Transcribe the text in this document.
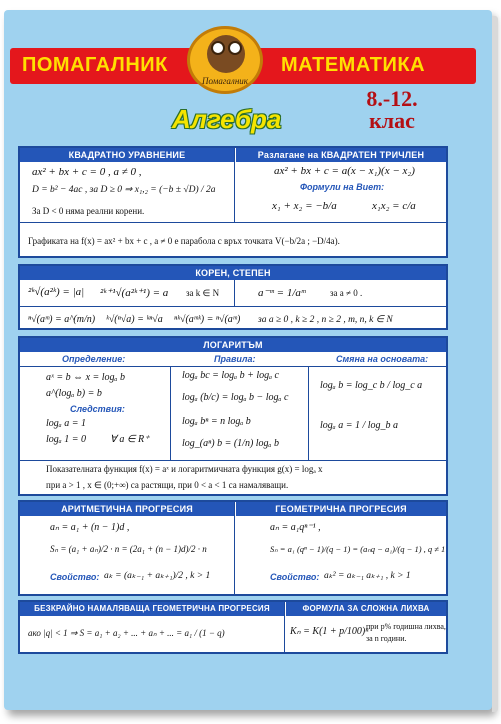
ПОМАГАЛНИК	МАТЕМАТИКА
Помагалник
Алгебра
8.-12.
клас
КВАДРАТНО УРАВНЕНИЕ	Разлагане на КВАДРАТЕН ТРИЧЛЕН
ax² + bx + c = 0 , a ≠ 0 ,
D = b² − 4ac , за D ≥ 0 ⇒ x₁,₂ = (−b ± √D) / 2a
За D < 0 няма реални корени.
ax² + bx + c = a(x − x₁)(x − x₂)
Формули на Виет:
x₁ + x₂ = −b/a	x₁x₂ = c/a
Графиката на f(x) = ax² + bx + c , a ≠ 0 е парабола с връх точката V(−b/2a ; −D/4a).
КОРЕН, СТЕПЕН
²ᵏ√(a²ᵏ) = |a| ²ᵏ⁺¹√(a²ᵏ⁺¹) = a за k ∈ N	a⁻ᵐ = 1/aᵐ	за a ≠ 0 .
ⁿ√(aᵐ) = a^(m/n) ᵏ√(ⁿ√a) = ᵏⁿ√a ⁿᵏ√(aᵐᵏ) = ⁿ√(aᵐ) за a ≥ 0 , k ≥ 2 , n ≥ 2 , m, n, k ∈ N
ЛОГАРИТЪМ
Определение:	Правила:	Смяна на основата:
aˣ = b ⇔ x = logₐ b
a^(logₐ b) = b
Следствия:
logₐ a = 1
logₐ 1 = 0 ∀ a ∈ R⁺
logₐ bc = logₐ b + logₐ c
logₐ (b/c) = logₐ b − logₐ c
logₐ bⁿ = n logₐ b
log_(aⁿ) b = (1/n) logₐ b
logₐ b = log_c b / log_c a
logₐ a = 1 / log_b a
Показателната функция f(x) = aˣ и логаритмичната функция g(x) = logₐ x
при a > 1 , x ∈ (0;+∞) са растящи, при 0 < a < 1 са намаляващи.
АРИТМЕТИЧНА ПРОГРЕСИЯ	ГЕОМЕТРИЧНА ПРОГРЕСИЯ
aₙ = a₁ + (n − 1)d ,
Sₙ = (a₁ + aₙ)/2 · n = (2a₁ + (n − 1)d)/2 · n
Свойство: aₖ = (aₖ₋₁ + aₖ₊₁)/2 , k > 1
aₙ = a₁qⁿ⁻¹ ,
Sₙ = a₁ (qⁿ − 1)/(q − 1) = (aₙq − a₁)/(q − 1) , q ≠ 1
Свойство: aₖ² = aₖ₋₁ aₖ₊₁ , k > 1
БЕЗКРАЙНО НАМАЛЯВАЩА ГЕОМЕТРИЧНА ПРОГРЕСИЯ	ФОРМУЛА ЗА СЛОЖНА ЛИХВА
ако |q| < 1 ⇒ S = a₁ + a₂ + ... + aₙ + ... = a₁ / (1 − q)	Kₙ = K(1 + p/100)ⁿ
при p% годишна лихва,
за n години.
